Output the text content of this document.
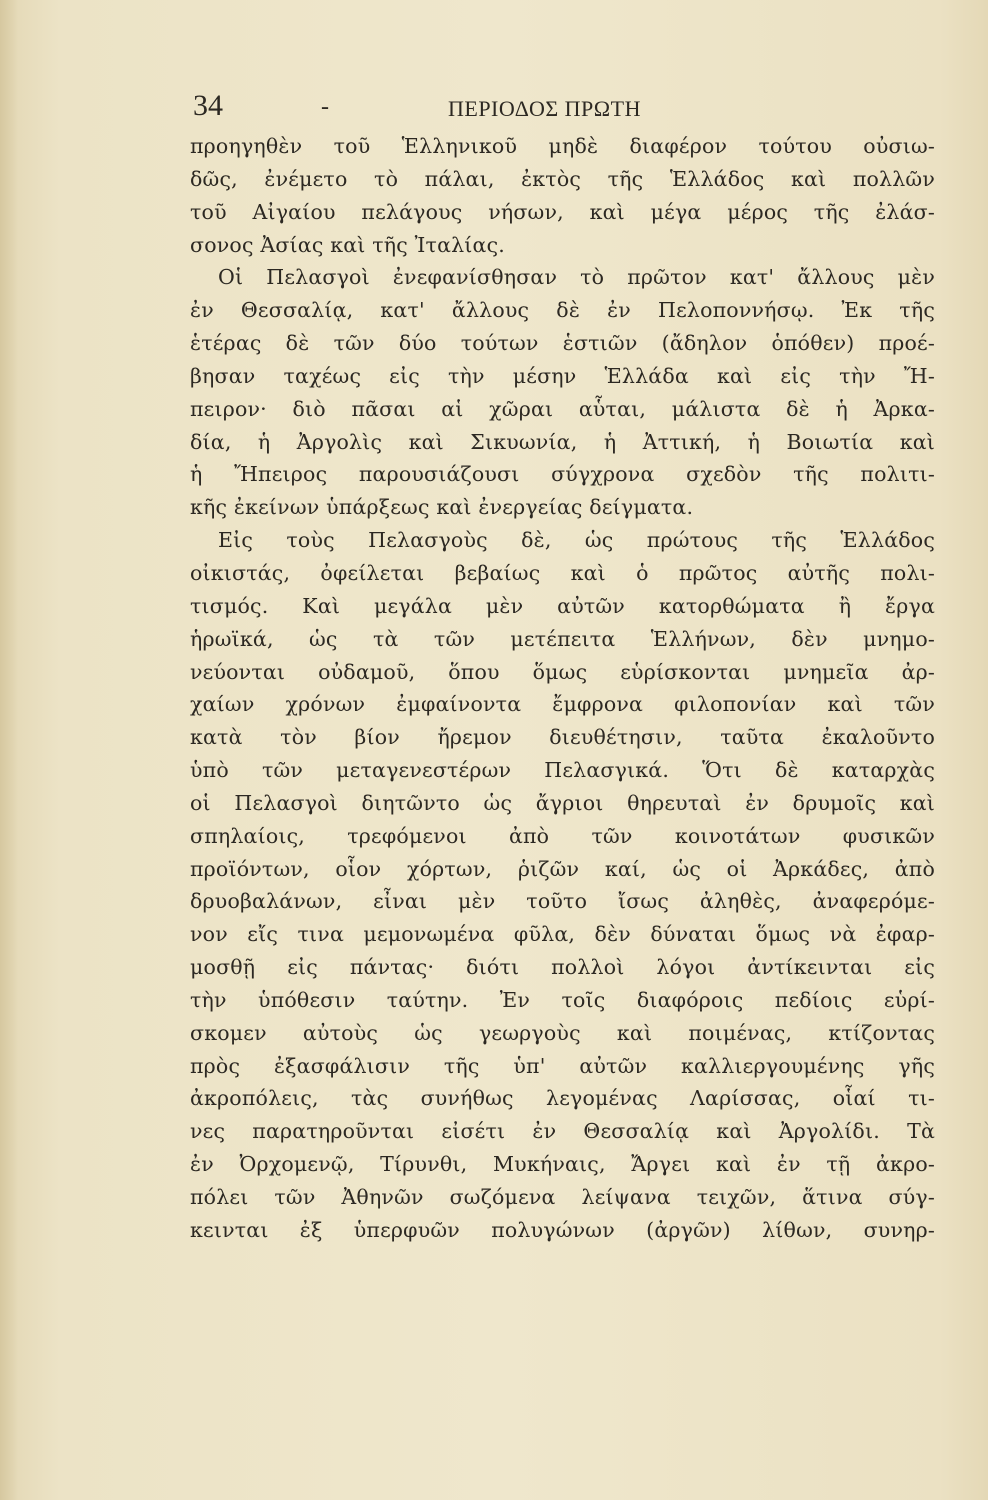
34	-	ΠΕΡΙΟΔΟΣ ΠΡΩΤΗ
προηγηθὲν τοῦ Ἑλληνικοῦ μηδὲ διαφέρον τούτου οὐσιω-
δῶς, ἐνέμετο τὸ πάλαι, ἐκτὸς τῆς Ἑλλάδος καὶ πολλῶν
τοῦ Αἰγαίου πελάγους νήσων, καὶ μέγα μέρος τῆς ἐλάσ-
σονος Ἀσίας καὶ τῆς Ἰταλίας.
Οἱ Πελασγοὶ ἐνεφανίσθησαν τὸ πρῶτον κατ' ἄλλους μὲν
ἐν Θεσσαλίᾳ, κατ' ἄλλους δὲ ἐν Πελοποννήσῳ. Ἐκ τῆς
ἑτέρας δὲ τῶν δύο τούτων ἑστιῶν (ἄδηλον ὁπόθεν) προέ-
βησαν ταχέως εἰς τὴν μέσην Ἑλλάδα καὶ εἰς τὴν Ἤ-
πειρον· διὸ πᾶσαι αἱ χῶραι αὗται, μάλιστα δὲ ἡ Ἀρκα-
δία, ἡ Ἀργολὶς καὶ Σικυωνία, ἡ Ἀττική, ἡ Βοιωτία καὶ
ἡ Ἤπειρος παρουσιάζουσι σύγχρονα σχεδὸν τῆς πολιτι-
κῆς ἐκείνων ὑπάρξεως καὶ ἐνεργείας δείγματα.
Εἰς τοὺς Πελασγοὺς δὲ, ὡς πρώτους τῆς Ἑλλάδος
οἰκιστάς, ὀφείλεται βεβαίως καὶ ὁ πρῶτος αὐτῆς πολι-
τισμός. Καὶ μεγάλα μὲν αὐτῶν κατορθώματα ἢ ἔργα
ἡρωϊκά, ὡς τὰ τῶν μετέπειτα Ἑλλήνων, δὲν μνημο-
νεύονται οὐδαμοῦ, ὅπου ὅμως εὑρίσκονται μνημεῖα ἀρ-
χαίων χρόνων ἐμφαίνοντα ἔμφρονα φιλοπονίαν καὶ τῶν
κατὰ τὸν βίον ἤρεμον διευθέτησιν, ταῦτα ἐκαλοῦντο
ὑπὸ τῶν μεταγενεστέρων Πελασγικά. Ὅτι δὲ καταρχὰς
οἱ Πελασγοὶ διητῶντο ὡς ἄγριοι θηρευταὶ ἐν δρυμοῖς καὶ
σπηλαίοις, τρεφόμενοι ἀπὸ τῶν κοινοτάτων φυσικῶν
προϊόντων, οἷον χόρτων, ῥιζῶν καί, ὡς οἱ Ἀρκάδες, ἀπὸ
δρυοβαλάνων, εἶναι μὲν τοῦτο ἴσως ἀληθὲς, ἀναφερόμε-
νον εἴς τινα μεμονωμένα φῦλα, δὲν δύναται ὅμως νὰ ἐφαρ-
μοσθῇ εἰς πάντας· διότι πολλοὶ λόγοι ἀντίκεινται εἰς
τὴν ὑπόθεσιν ταύτην. Ἐν τοῖς διαφόροις πεδίοις εὑρί-
σκομεν αὐτοὺς ὡς γεωργοὺς καὶ ποιμένας, κτίζοντας
πρὸς ἐξασφάλισιν τῆς ὑπ' αὐτῶν καλλιεργουμένης γῆς
ἀκροπόλεις, τὰς συνήθως λεγομένας Λαρίσσας, οἷαί τι-
νες παρατηροῦνται εἰσέτι ἐν Θεσσαλίᾳ καὶ Ἀργολίδι. Τὰ
ἐν Ὀρχομενῷ, Τίρυνθι, Μυκήναις, Ἄργει καὶ ἐν τῇ ἀκρο-
πόλει τῶν Ἀθηνῶν σωζόμενα λείψανα τειχῶν, ἅτινα σύγ-
κεινται ἐξ ὑπερφυῶν πολυγώνων (ἀργῶν) λίθων, συνηρ-
